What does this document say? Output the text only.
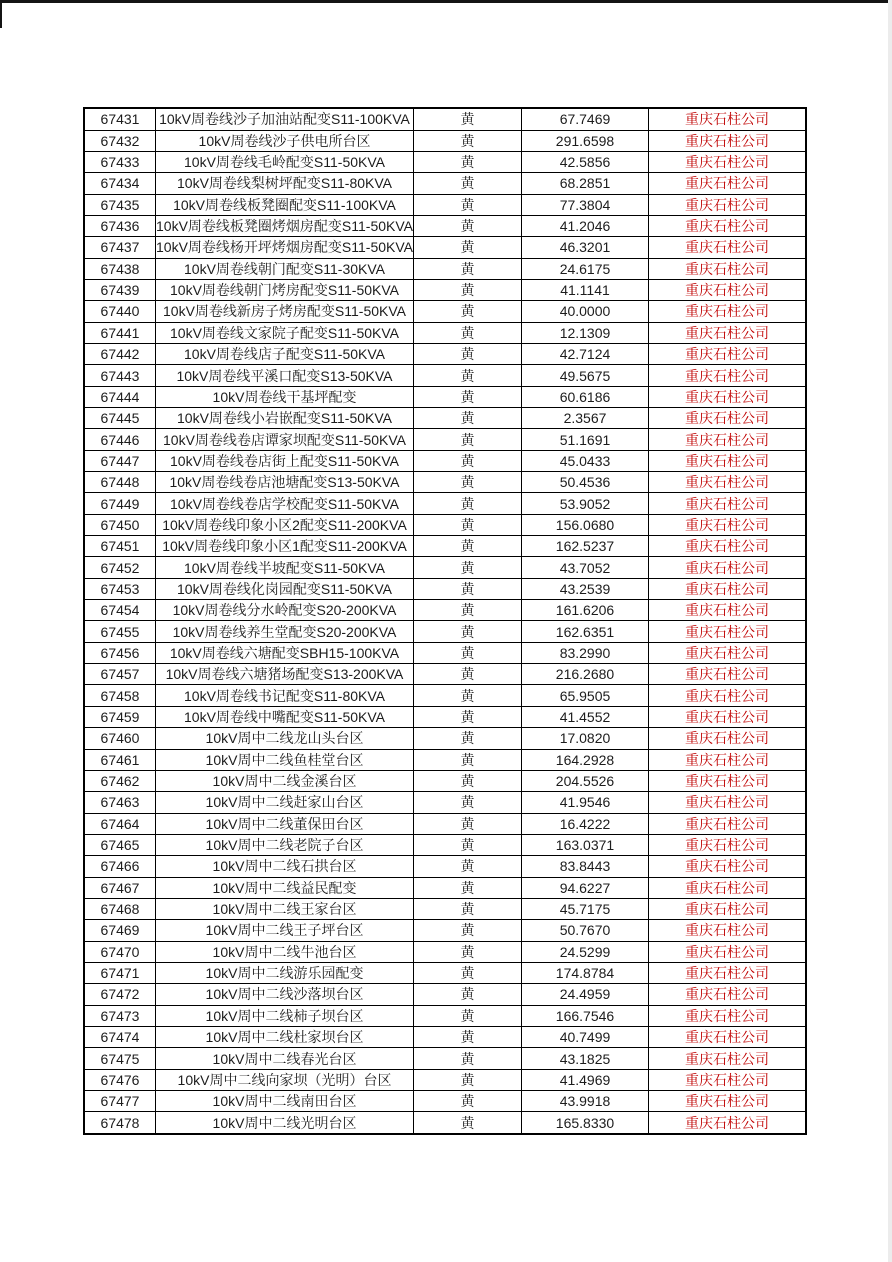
67431	10kV周卷线沙子加油站配变S11-100KVA	黄	67.7469	重庆石柱公司
67432	10kV周卷线沙子供电所台区	黄	291.6598	重庆石柱公司
67433	10kV周卷线毛岭配变S11-50KVA	黄	42.5856	重庆石柱公司
67434	10kV周卷线梨树坪配变S11-80KVA	黄	68.2851	重庆石柱公司
67435	10kV周卷线板凳圈配变S11-100KVA	黄	77.3804	重庆石柱公司
67436	10kV周卷线板凳圈烤烟房配变S11-50KVA	黄	41.2046	重庆石柱公司
67437	10kV周卷线杨开坪烤烟房配变S11-50KVA	黄	46.3201	重庆石柱公司
67438	10kV周卷线朝门配变S11-30KVA	黄	24.6175	重庆石柱公司
67439	10kV周卷线朝门烤房配变S11-50KVA	黄	41.1141	重庆石柱公司
67440	10kV周卷线新房子烤房配变S11-50KVA	黄	40.0000	重庆石柱公司
67441	10kV周卷线文家院子配变S11-50KVA	黄	12.1309	重庆石柱公司
67442	10kV周卷线店子配变S11-50KVA	黄	42.7124	重庆石柱公司
67443	10kV周卷线平溪口配变S13-50KVA	黄	49.5675	重庆石柱公司
67444	10kV周卷线干基坪配变	黄	60.6186	重庆石柱公司
67445	10kV周卷线小岩嵌配变S11-50KVA	黄	2.3567	重庆石柱公司
67446	10kV周卷线卷店谭家坝配变S11-50KVA	黄	51.1691	重庆石柱公司
67447	10kV周卷线卷店街上配变S11-50KVA	黄	45.0433	重庆石柱公司
67448	10kV周卷线卷店池塘配变S13-50KVA	黄	50.4536	重庆石柱公司
67449	10kV周卷线卷店学校配变S11-50KVA	黄	53.9052	重庆石柱公司
67450	10kV周卷线印象小区2配变S11-200KVA	黄	156.0680	重庆石柱公司
67451	10kV周卷线印象小区1配变S11-200KVA	黄	162.5237	重庆石柱公司
67452	10kV周卷线半坡配变S11-50KVA	黄	43.7052	重庆石柱公司
67453	10kV周卷线化岗园配变S11-50KVA	黄	43.2539	重庆石柱公司
67454	10kV周卷线分水岭配变S20-200KVA	黄	161.6206	重庆石柱公司
67455	10kV周卷线养生堂配变S20-200KVA	黄	162.6351	重庆石柱公司
67456	10kV周卷线六塘配变SBH15-100KVA	黄	83.2990	重庆石柱公司
67457	10kV周卷线六塘猪场配变S13-200KVA	黄	216.2680	重庆石柱公司
67458	10kV周卷线书记配变S11-80KVA	黄	65.9505	重庆石柱公司
67459	10kV周卷线中嘴配变S11-50KVA	黄	41.4552	重庆石柱公司
67460	10kV周中二线龙山头台区	黄	17.0820	重庆石柱公司
67461	10kV周中二线鱼桂堂台区	黄	164.2928	重庆石柱公司
67462	10kV周中二线金溪台区	黄	204.5526	重庆石柱公司
67463	10kV周中二线赶家山台区	黄	41.9546	重庆石柱公司
67464	10kV周中二线董保田台区	黄	16.4222	重庆石柱公司
67465	10kV周中二线老院子台区	黄	163.0371	重庆石柱公司
67466	10kV周中二线石拱台区	黄	83.8443	重庆石柱公司
67467	10kV周中二线益民配变	黄	94.6227	重庆石柱公司
67468	10kV周中二线王家台区	黄	45.7175	重庆石柱公司
67469	10kV周中二线王子坪台区	黄	50.7670	重庆石柱公司
67470	10kV周中二线牛池台区	黄	24.5299	重庆石柱公司
67471	10kV周中二线游乐园配变	黄	174.8784	重庆石柱公司
67472	10kV周中二线沙落坝台区	黄	24.4959	重庆石柱公司
67473	10kV周中二线柿子坝台区	黄	166.7546	重庆石柱公司
67474	10kV周中二线杜家坝台区	黄	40.7499	重庆石柱公司
67475	10kV周中二线春光台区	黄	43.1825	重庆石柱公司
67476	10kV周中二线向家坝（光明）台区	黄	41.4969	重庆石柱公司
67477	10kV周中二线南田台区	黄	43.9918	重庆石柱公司
67478	10kV周中二线光明台区	黄	165.8330	重庆石柱公司
